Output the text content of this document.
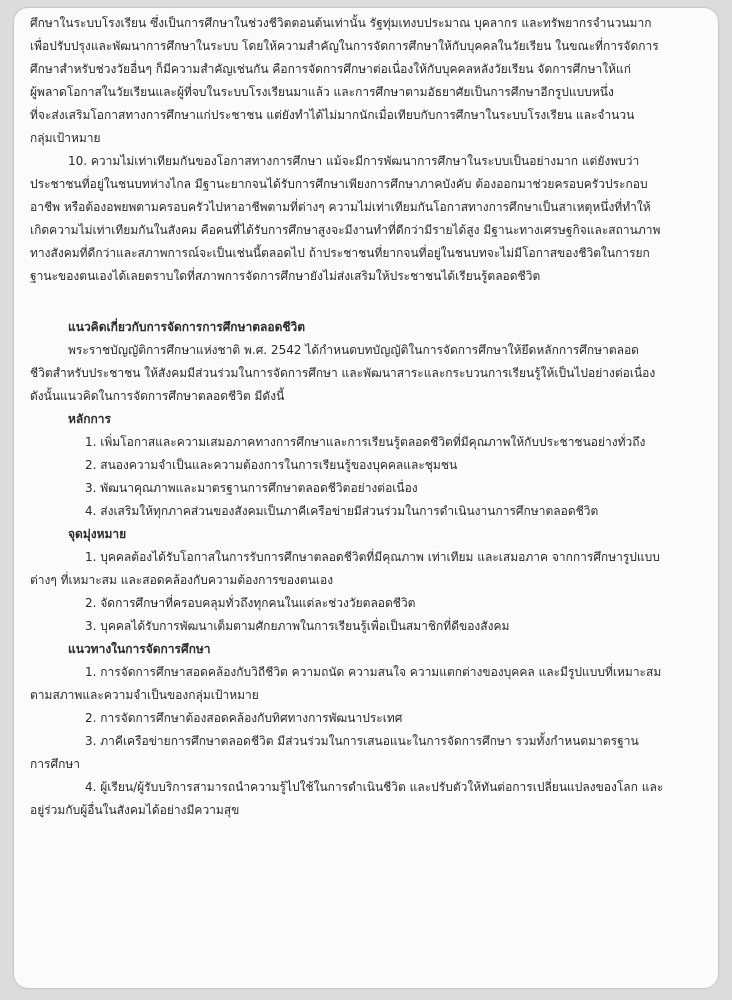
ศึกษาในระบบโรงเรียน ซึ่งเป็นการศึกษาในช่วงชีวิตตอนต้นเท่านั้น รัฐทุ่มเทงบประมาณ บุคลากร และทรัพยากรจำนวนมาก
เพื่อปรับปรุงและพัฒนาการศึกษาในระบบ โดยให้ความสำคัญในการจัดการศึกษาให้กับบุคคลในวัยเรียน ในขณะที่การจัดการ
ศึกษาสำหรับช่วงวัยอื่นๆ ก็มีความสำคัญเช่นกัน คือการจัดการศึกษาต่อเนื่องให้กับบุคคลหลังวัยเรียน จัดการศึกษาให้แก่
ผู้พลาดโอกาสในวัยเรียนและผู้ที่จบในระบบโรงเรียนมาแล้ว และการศึกษาตามอัธยาศัยเป็นการศึกษาอีกรูปแบบหนึ่ง
ที่จะส่งเสริมโอกาสทางการศึกษาแก่ประชาชน แต่ยังทำได้ไม่มากนักเมื่อเทียบกับการศึกษาในระบบโรงเรียน และจำนวน
กลุ่มเป้าหมาย
10. ความไม่เท่าเทียมกันของโอกาสทางการศึกษา แม้จะมีการพัฒนาการศึกษาในระบบเป็นอย่างมาก แต่ยังพบว่า
ประชาชนที่อยู่ในชนบทห่างไกล มีฐานะยากจนได้รับการศึกษาเพียงการศึกษาภาคบังคับ ต้องออกมาช่วยครอบครัวประกอบ
อาชีพ หรือต้องอพยพตามครอบครัวไปหาอาชีพตามที่ต่างๆ ความไม่เท่าเทียมกันโอกาสทางการศึกษาเป็นสาเหตุหนึ่งที่ทำให้
เกิดความไม่เท่าเทียมกันในสังคม คือคนที่ได้รับการศึกษาสูงจะมีงานทำที่ดีกว่ามีรายได้สูง มีฐานะทางเศรษฐกิจและสถานภาพ
ทางสังคมที่ดีกว่าและสภาพการณ์จะเป็นเช่นนี้ตลอดไป ถ้าประชาชนที่ยากจนที่อยู่ในชนบทจะไม่มีโอกาสของชีวิตในการยก
ฐานะของตนเองได้เลยตราบใดที่สภาพการจัดการศึกษายังไม่ส่งเสริมให้ประชาชนได้เรียนรู้ตลอดชีวิต
แนวคิดเกี่ยวกับการจัดการการศึกษาตลอดชีวิต
พระราชบัญญัติการศึกษาแห่งชาติ พ.ศ. 2542 ได้กำหนดบทบัญญัติในการจัดการศึกษาให้ยึดหลักการศึกษาตลอด
ชีวิตสำหรับประชาชน ให้สังคมมีส่วนร่วมในการจัดการศึกษา และพัฒนาสาระและกระบวนการเรียนรู้ให้เป็นไปอย่างต่อเนื่อง
ดังนั้นแนวคิดในการจัดการศึกษาตลอดชีวิต มีดังนี้
หลักการ
1. เพิ่มโอกาสและความเสมอภาคทางการศึกษาและการเรียนรู้ตลอดชีวิตที่มีคุณภาพให้กับประชาชนอย่างทั่วถึง
2. สนองความจำเป็นและความต้องการในการเรียนรู้ของบุคคลและชุมชน
3. พัฒนาคุณภาพและมาตรฐานการศึกษาตลอดชีวิตอย่างต่อเนื่อง
4. ส่งเสริมให้ทุกภาคส่วนของสังคมเป็นภาคีเครือข่ายมีส่วนร่วมในการดำเนินงานการศึกษาตลอดชีวิต
จุดมุ่งหมาย
1. บุคคลต้องได้รับโอกาสในการรับการศึกษาตลอดชีวิตที่มีคุณภาพ เท่าเทียม และเสมอภาค จากการศึกษารูปแบบ
ต่างๆ ที่เหมาะสม และสอดคล้องกับความต้องการของตนเอง
2. จัดการศึกษาที่ครอบคลุมทั่วถึงทุกคนในแต่ละช่วงวัยตลอดชีวิต
3. บุคคลได้รับการพัฒนาเต็มตามศักยภาพในการเรียนรู้เพื่อเป็นสมาชิกที่ดีของสังคม
แนวทางในการจัดการศึกษา
1. การจัดการศึกษาสอดคล้องกับวิถีชีวิต ความถนัด ความสนใจ ความแตกต่างของบุคคล และมีรูปแบบที่เหมาะสม
ตามสภาพและความจำเป็นของกลุ่มเป้าหมาย
2. การจัดการศึกษาต้องสอดคล้องกับทิศทางการพัฒนาประเทศ
3. ภาคีเครือข่ายการศึกษาตลอดชีวิต มีส่วนร่วมในการเสนอแนะในการจัดการศึกษา รวมทั้งกำหนดมาตรฐาน
การศึกษา
4. ผู้เรียน/ผู้รับบริการสามารถนำความรู้ไปใช้ในการดำเนินชีวิต และปรับตัวให้ทันต่อการเปลี่ยนแปลงของโลก และ
อยู่ร่วมกับผู้อื่นในสังคมได้อย่างมีความสุข
